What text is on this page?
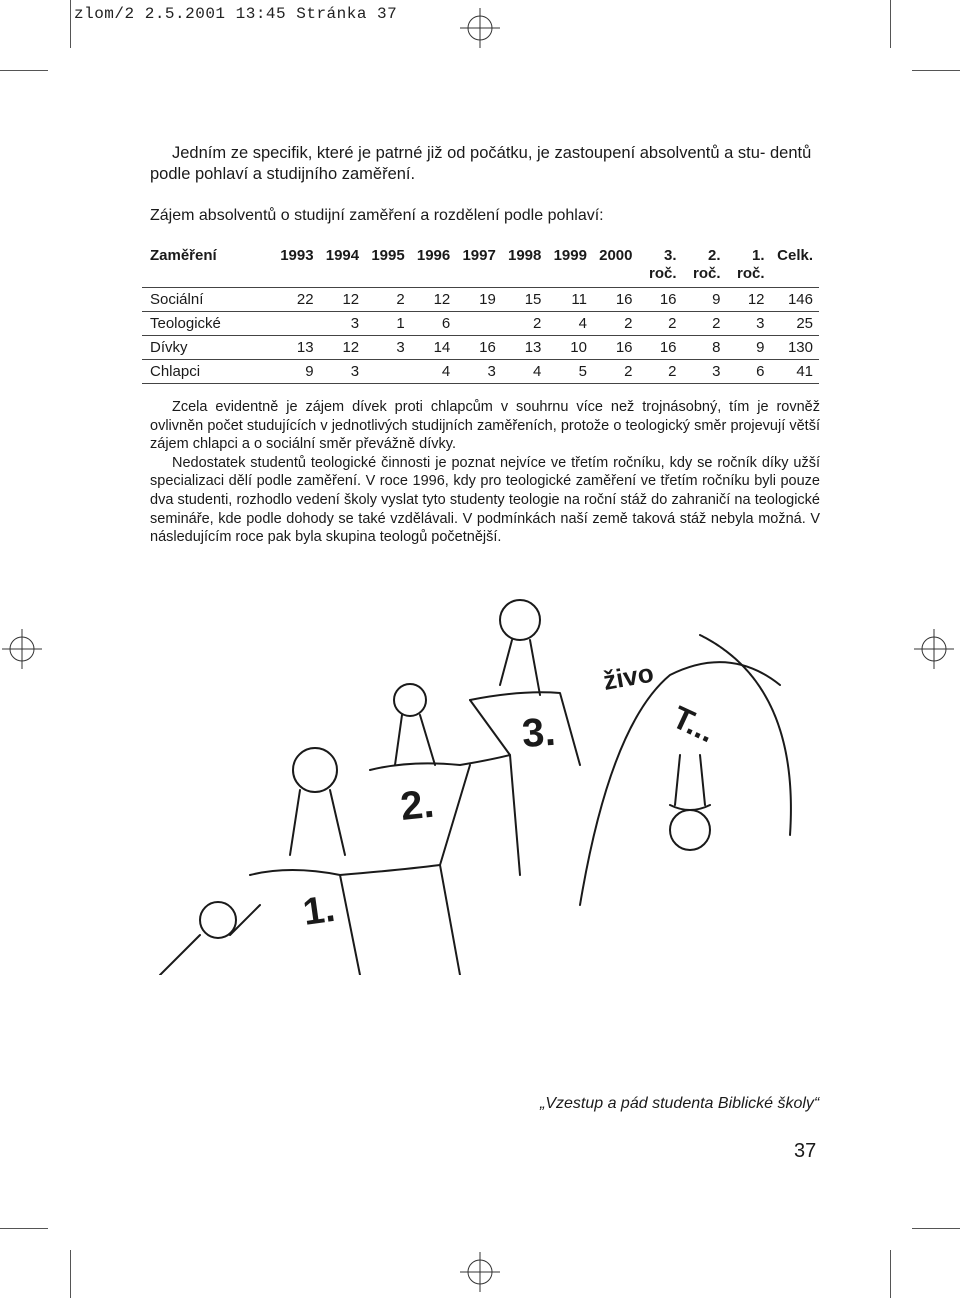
zlom/2 2.5.2001 13:45 Stránka 37

Jedním ze specifik, které je patrné již od počátku, je zastoupení absolventů a stu- dentů podle pohlaví a studijního zaměření.

Zájem absolventů o studijní zaměření a rozdělení podle pohlaví:
Zaměření	1993	1994	1995	1996	1997	1998	1999	2000	3. roč.	2. roč.	1. roč.	Celk.
Sociální	22	12	2	12	19	15	11	16	16	9	12	146
Teologické		3	1	6		2	4	2	2	2	3	25
Dívky	13	12	3	14	16	13	10	16	16	8	9	130
Chlapci	9	3		4	3	4	5	2	2	3	6	41

Zcela evidentně je zájem dívek proti chlapcům v souhrnu více než trojnásobný, tím je rovněž ovlivněn počet studujících v jednotlivých studijních zaměřeních, protože o teologický směr projevují větší zájem chlapci a o sociální směr převážně dívky.

Nedostatek studentů teologické činnosti je poznat nejvíce ve třetím ročníku, kdy se ročník díky užší specializaci dělí podle zaměření. V roce 1996, kdy pro teologické zaměření ve třetím ročníku byli pouze dva studenti, rozhodlo vedení školy vyslat tyto studenty teologie na roční stáž do zahraničí na teologické semináře, kde podle dohody se také vzdělávali. V podmínkách naší země taková stáž nebyla možná. V následujícím roce pak byla skupina teologů početnější.

1.
2.
3.
živo
T...
„Vzestup a pád studenta Biblické školy“
37
